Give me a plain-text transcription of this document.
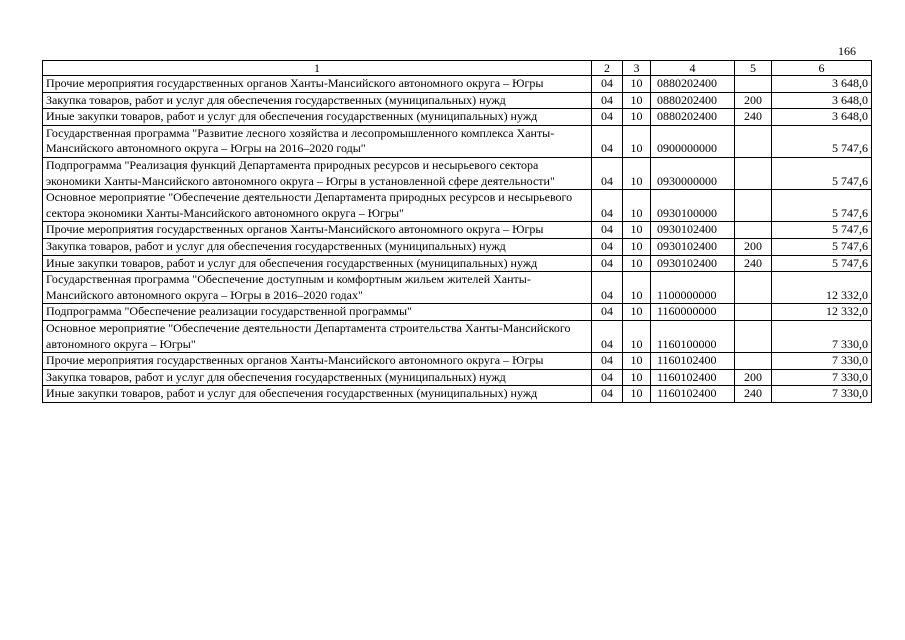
166
1	2	3	4	5	6
Прочие мероприятия государственных органов Ханты-Мансийского автономного округа – Югры	04	10	0880202400		3 648,0
Закупка товаров, работ и услуг для обеспечения государственных (муниципальных) нужд	04	10	0880202400	200	3 648,0
Иные закупки товаров, работ и услуг для обеспечения государственных (муниципальных) нужд	04	10	0880202400	240	3 648,0
Государственная программа "Развитие лесного хозяйства и лесопромышленного комплекса Ханты-Мансийского автономного округа – Югры на 2016–2020 годы"	04	10	0900000000		5 747,6
Подпрограмма "Реализация функций Департамента природных ресурсов и несырьевого сектора экономики Ханты-Мансийского автономного округа – Югры в установленной сфере деятельности"	04	10	0930000000		5 747,6
Основное мероприятие "Обеспечение деятельности Департамента природных ресурсов и несырьевого сектора экономики Ханты-Мансийского автономного округа – Югры"	04	10	0930100000		5 747,6
Прочие мероприятия государственных органов Ханты-Мансийского автономного округа – Югры	04	10	0930102400		5 747,6
Закупка товаров, работ и услуг для обеспечения государственных (муниципальных) нужд	04	10	0930102400	200	5 747,6
Иные закупки товаров, работ и услуг для обеспечения государственных (муниципальных) нужд	04	10	0930102400	240	5 747,6
Государственная программа "Обеспечение доступным и комфортным жильем жителей Ханты-Мансийского автономного округа – Югры в 2016–2020 годах"	04	10	1100000000		12 332,0
Подпрограмма "Обеспечение реализации государственной программы"	04	10	1160000000		12 332,0
Основное мероприятие "Обеспечение деятельности Департамента строительства Ханты-Мансийского автономного округа – Югры"	04	10	1160100000		7 330,0
Прочие мероприятия государственных органов Ханты-Мансийского автономного округа – Югры	04	10	1160102400		7 330,0
Закупка товаров, работ и услуг для обеспечения государственных (муниципальных) нужд	04	10	1160102400	200	7 330,0
Иные закупки товаров, работ и услуг для обеспечения государственных (муниципальных) нужд	04	10	1160102400	240	7 330,0
